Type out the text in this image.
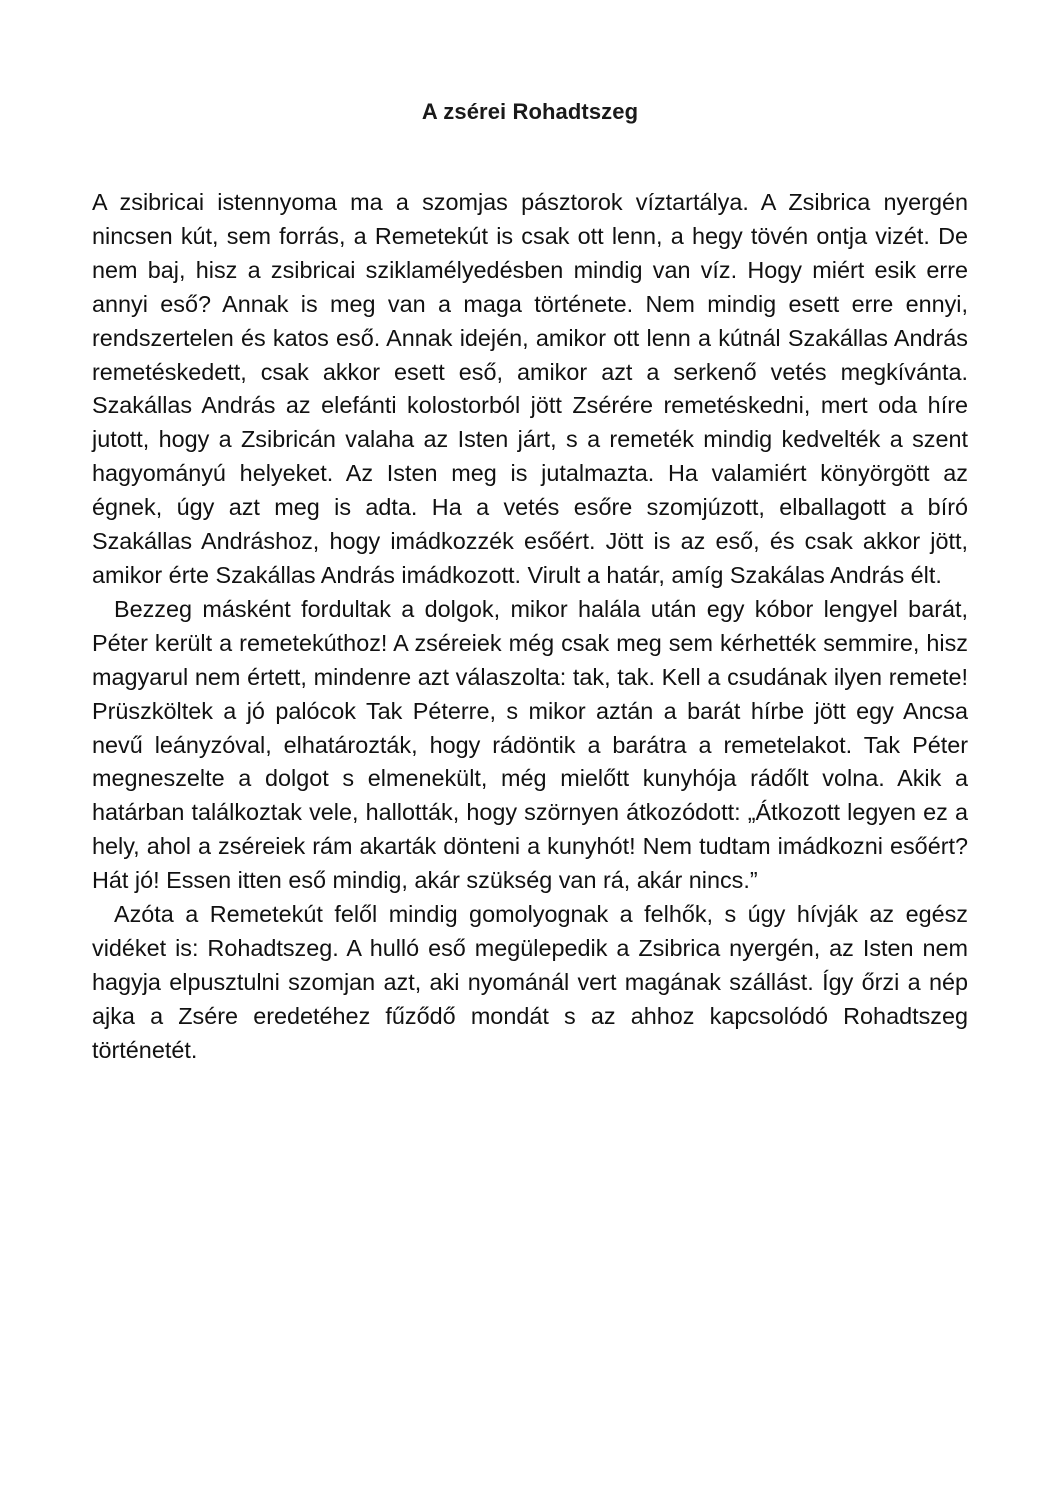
A zsérei Rohadtszeg

A zsibricai istennyoma ma a szomjas pásztorok víztartálya. A Zsibrica nyergén nincsen kút, sem forrás, a Remetekút is csak ott lenn, a hegy tövén ontja vizét. De nem baj, hisz a zsibricai sziklamélyedésben mindig van víz. Hogy miért esik erre annyi eső? Annak is meg van a maga története. Nem mindig esett erre ennyi, rendszertelen és katos eső. Annak idején, amikor ott lenn a kútnál Szakállas András remetéskedett, csak akkor esett eső, amikor azt a serkenő vetés megkívánta. Szakállas András az elefánti kolostorból jött Zsérére remetéskedni, mert oda híre jutott, hogy a Zsibricán valaha az Isten járt, s a remeték mindig kedvelték a szent hagyományú helyeket. Az Isten meg is jutalmazta. Ha valamiért könyörgött az égnek, úgy azt meg is adta. Ha a vetés esőre szomjúzott, elballagott a bíró Szakállas Andráshoz, hogy imádkozzék esőért. Jött is az eső, és csak akkor jött, amikor érte Szakállas András imádkozott. Virult a határ, amíg Szakálas András élt.

Bezzeg másként fordultak a dolgok, mikor halála után egy kóbor lengyel barát, Péter került a remetekúthoz! A zséreiek még csak meg sem kérhették semmire, hisz magyarul nem értett, mindenre azt válaszolta: tak, tak. Kell a csudának ilyen remete! Prüszköltek a jó palócok Tak Péterre, s mikor aztán a barát hírbe jött egy Ancsa nevű leányzóval, elhatározták, hogy rádöntik a barátra a remetelakot. Tak Péter megneszelte a dolgot s elmenekült, még mielőtt kunyhója rádőlt volna. Akik a határban találkoztak vele, hallották, hogy szörnyen átkozódott: „Átkozott legyen ez a hely, ahol a zséreiek rám akarták dönteni a kunyhót! Nem tudtam imádkozni esőért? Hát jó! Essen itten eső mindig, akár szükség van rá, akár nincs.”

Azóta a Remetekút felől mindig gomolyognak a felhők, s úgy hívják az egész vidéket is: Rohadtszeg. A hulló eső megülepedik a Zsibrica nyergén, az Isten nem hagyja elpusztulni szomjan azt, aki nyománál vert magának szállást. Így őrzi a nép ajka a Zsére eredetéhez fűződő mondát s az ahhoz kapcsolódó Rohadtszeg történetét.
